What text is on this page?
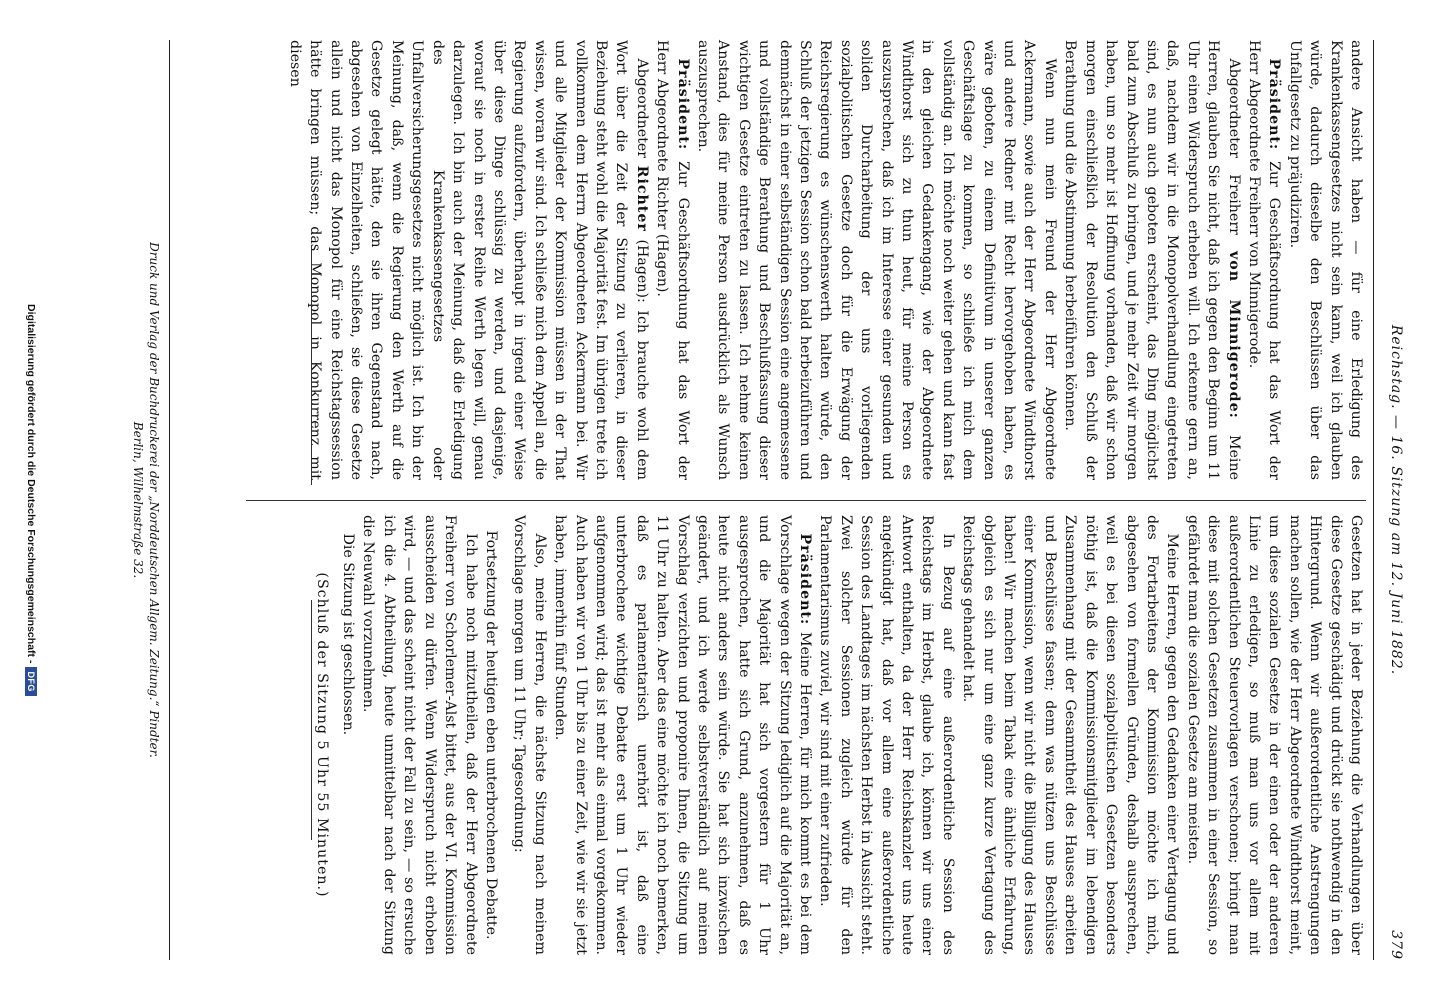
Reichstag. — 16. Sitzung am 12. Juni 1882.
379

andere Ansicht haben — für eine Erledigung des Krankenkassengesetzes nicht sein kann, weil ich glauben würde, dadurch dieselbe den Beschlüssen über das Unfallgesetz zu präjudiziren.

Präsident: Zur Geschäftsordnung hat das Wort der Herr Abgeordnete Freiherr von Minnigerode.

Abgeordneter Freiherr von Minnigerode: Meine Herren, glauben Sie nicht, daß ich gegen den Beginn um 11 Uhr einen Widerspruch erheben will. Ich erkenne gern an, daß, nachdem wir in die Monopolverhandlung eingetreten sind, es nun auch geboten erscheint, das Ding möglichst bald zum Abschluß zu bringen, und je mehr Zeit wir morgen haben, um so mehr ist Hoffnung vorhanden, daß wir schon morgen einschließlich der Resolution den Schluß der Berathung und die Abstimmung herbeiführen können.

Wenn nun mein Freund der Herr Abgeordnete Ackermann, sowie auch der Herr Abgeordnete Windthorst und andere Redner mit Recht hervorgehoben haben, es wäre geboten, zu einem Definitivum in unserer ganzen Geschäftslage zu kommen, so schließe ich mich dem vollständig an. Ich möchte noch weiter gehen und kann fast in den gleichen Gedankengang, wie der Abgeordnete Windthorst sich zu thun heut, für meine Person es auszusprechen, daß ich im Interesse einer gesunden und soliden Durcharbeitung der uns vorliegenden sozialpolitischen Gesetze doch für die Erwägung der Reichsregierung es wünschenswerth halten würde, den Schluß der jetzigen Session schon bald herbeizuführen und demnächst in einer selbständigen Session eine angemessene und vollständige Berathung und Beschlußfassung dieser wichtigen Gesetze eintreten zu lassen. Ich nehme keinen Anstand, dies für meine Person ausdrücklich als Wunsch auszusprechen.

Präsident: Zur Geschäftsordnung hat das Wort der Herr Abgeordnete Richter (Hagen).

Abgeordneter Richter (Hagen): Ich brauche wohl dem Wort über die Zeit der Sitzung zu verlieren, in dieser Beziehung steht wohl die Majorität fest. Im übrigen trete ich vollkommen dem Herrn Abgeordneten Ackermann bei. Wir und alle Mitglieder der Kommission müssen in der That wissen, woran wir sind. Ich schließe mich dem Appell an, die Regierung aufzufordern, überhaupt in irgend einer Weise über diese Dinge schlüssig zu werden, und dasjenige, worauf sie noch in erster Reihe Werth legen will, genau darzulegen. Ich bin auch der Meinung, daß die Erledigung des Krankenkassengesetzes oder Unfallversicherungsgesetzes nicht möglich ist. Ich bin der Meinung, daß, wenn die Regierung den Werth auf die Gesetze gelegt hätte, den sie ihren Gegenstand nach, abgesehen von Einzelheiten, schließen, sie diese Gesetze allein und nicht das Monopol für eine Reichstagssession hätte bringen müssen; das Monopol in Konkurrenz mit diesen

Gesetzen hat in jeder Beziehung die Verhandlungen über diese Gesetze geschädigt und drückt sie nothwendig in den Hintergrund. Wenn wir außerordentliche Anstrengungen machen sollen, wie der Herr Abgeordnete Windthorst meint, um diese sozialen Gesetze in der einen oder der anderen Linie zu erledigen, so muß man uns vor allem mit außerordentlichen Steuervorlagen verschonen; bringt man diese mit solchen Gesetzen zusammen in einer Session, so gefährdet man die sozialen Gesetze am meisten.

Meine Herren, gegen den Gedanken einer Vertagung und des Fortarbeitens der Kommission möchte ich mich, abgesehen von formellen Gründen, deshalb aussprechen, weil es bei diesen sozialpolitischen Gesetzen besonders nöthig ist, daß die Kommissionsmitglieder im lebendigen Zusammenhang mit der Gesammtheit des Hauses arbeiten und Beschlüsse fassen; denn was nützen uns Beschlüsse einer Kommission, wenn wir nicht die Billigung des Hauses haben! Wir machen beim Tabak eine ähnliche Erfahrung, obgleich es sich nur um eine ganz kurze Vertagung des Reichstags gehandelt hat.

In Bezug auf eine außerordentliche Session des Reichstags im Herbst, glaube ich, können wir uns einer Antwort enthalten, da der Herr Reichskanzler uns heute angekündigt hat, daß vor allem eine außerordentliche Session des Landtages im nächsten Herbst in Aussicht steht. Zwei solcher Sessionen zugleich würde für den Parlamentarismus zuviel, wir sind mit einer zufrieden.

Präsident: Meine Herren, für mich kommt es bei dem Vorschlage wegen der Sitzung lediglich auf die Majorität an, und die Majorität hat sich vorgestern für 1 Uhr ausgesprochen, hatte sich Grund, anzunehmen, daß es heute nicht anders sein würde. Sie hat sich inzwischen geändert, und ich werde selbstverständlich auf meinen Vorschlag verzichten und proponire Ihnen, die Sitzung um 11 Uhr zu halten. Aber das eine möchte ich noch bemerken, daß es parlamentarisch unerhört ist, daß eine unterbrochene wichtige Debatte erst um 1 Uhr wieder aufgenommen wird; das ist mehr als einmal vorgekommen. Auch haben wir von 1 Uhr bis zu einer Zeit, wie wir sie jetzt haben, immerhin fünf Stunden.

Also, meine Herren, die nächste Sitzung nach meinem Vorschlage morgen um 11 Uhr; Tagesordnung:

Fortsetzung der heutigen eben unterbrochenen Debatte.

Ich habe noch mitzutheilen, daß der Herr Abgeordnete Freiherr von Schorlemer-Alst bittet, aus der VI. Kommission ausscheiden zu dürfen. Wenn Widerspruch nicht erhoben wird, — und das scheint nicht der Fall zu sein, — so ersuche ich die 4. Abtheilung, heute unmittelbar nach der Sitzung die Neuwahl vorzunehmen.

Die Sitzung ist geschlossen.

(Schluß der Sitzung 5 Uhr 55 Minuten.)

Druck und Verlag der Buchdruckerei der „Norddeutschen Allgem. Zeitung.“ Pindter.
Berlin, Wilhelmstraße 32.
Digitalisierung gefördert durch die Deutsche Forschungsgemeinschaft -DFG
